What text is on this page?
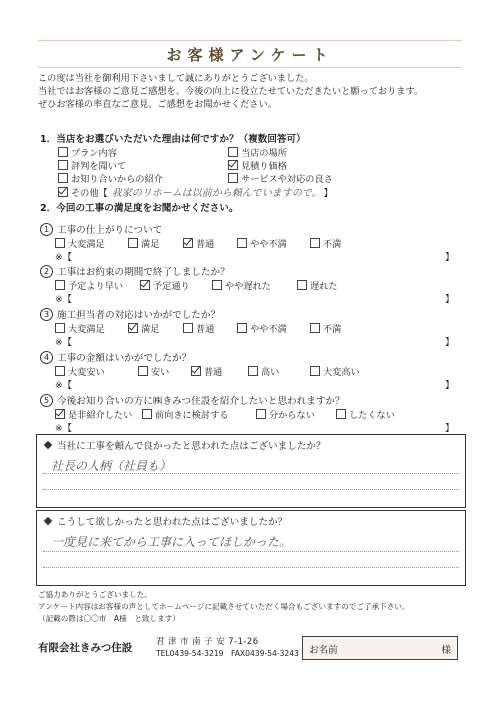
お客様アンケート
この度は当社を御利用下さいまして誠にありがとうございました。
当社ではお客様のご意見ご感想を、今後の向上に役立たせていただきたいと願っております。
ぜひお客様の率直なご意見、ご感想をお聞かせください。
1．当店をお選びいただいた理由は何ですか？（複数回答可）
プラン内容	当店の場所
評判を聞いて	見積り価格
お知り合いからの紹介	サービスや対応の良さ
その他【 我家のリホームは以前から頼んでいますので。 】
2．今回の工事の満足度をお聞かせください。
1 工事の仕上がりについて
大変満足	満足	普通	やや不満	不満
※【	】
2 工事はお約束の期間で終了しましたか？
予定より早い	予定通り	やや遅れた	遅れた
※【	】
3 施工担当者の対応はいかがでしたか？
大変満足	満足	普通	やや不満	不満
※【	】
4 工事の金額はいかがでしたか？
大変安い	安い	普通	高い	大変高い
※【	】
5 今後お知り合いの方に㈱きみつ住設を紹介したいと思われますか？
是非紹介したい 前向きに検討する	分からない	したくない
※【	】
当社に工事を頼んで良かったと思われた点はございましたか？
社長の人柄（社員も）
こうして欲しかったと思われた点はございましたか？
一度見に来てから工事に入ってほしかった。
ご協力ありがとうございました。
アンケート内容はお客様の声としてホームページに記載させていただく場合もございますのでご了承下さい。
（記載の際は〇〇市　A様　と致します）
有限会社きみつ住設
君 津 市 南 子 安 7-1-26
TEL0439-54-3219　FAX0439-54-3243 お名前	様
